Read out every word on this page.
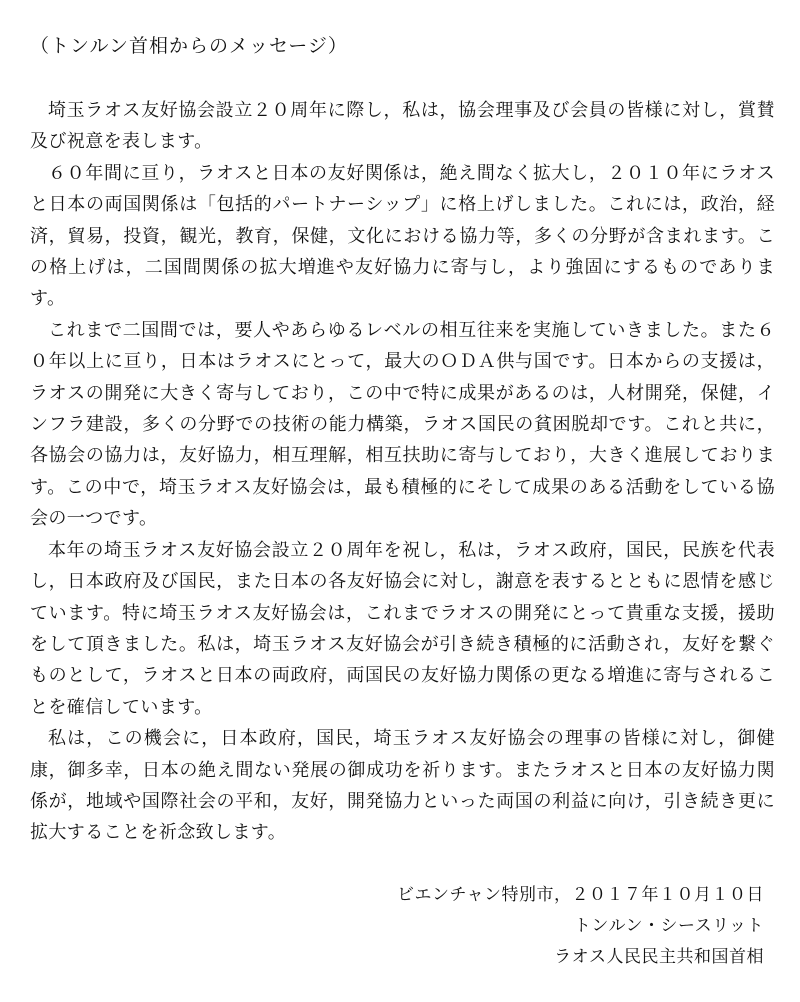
（トンルン首相からのメッセージ）

埼玉ラオス友好協会設立２０周年に際し，私は，協会理事及び会員の皆様に対し，賞賛及び祝意を表します。

６０年間に亘り，ラオスと日本の友好関係は，絶え間なく拡大し，２０１０年にラオスと日本の両国関係は「包括的パートナーシップ」に格上げしました。これには，政治，経済，貿易，投資，観光，教育，保健，文化における協力等，多くの分野が含まれます。この格上げは，二国間関係の拡大増進や友好協力に寄与し，より強固にするものであります。

これまで二国間では，要人やあらゆるレベルの相互往来を実施していきました。また６０年以上に亘り，日本はラオスにとって，最大のＯＤＡ供与国です。日本からの支援は，ラオスの開発に大きく寄与しており，この中で特に成果があるのは，人材開発，保健，インフラ建設，多くの分野での技術の能力構築，ラオス国民の貧困脱却です。これと共に，各協会の協力は，友好協力，相互理解，相互扶助に寄与しており，大きく進展しております。この中で，埼玉ラオス友好協会は，最も積極的にそして成果のある活動をしている協会の一つです。

本年の埼玉ラオス友好協会設立２０周年を祝し，私は，ラオス政府，国民，民族を代表し，日本政府及び国民，また日本の各友好協会に対し，謝意を表するとともに恩情を感じています。特に埼玉ラオス友好協会は，これまでラオスの開発にとって貴重な支援，援助をして頂きました。私は，埼玉ラオス友好協会が引き続き積極的に活動され，友好を繋ぐものとして，ラオスと日本の両政府，両国民の友好協力関係の更なる増進に寄与されることを確信しています。

私は，この機会に，日本政府，国民，埼玉ラオス友好協会の理事の皆様に対し，御健康，御多幸，日本の絶え間ない発展の御成功を祈ります。またラオスと日本の友好協力関係が，地域や国際社会の平和，友好，開発協力といった両国の利益に向け，引き続き更に拡大することを祈念致します。

ビエンチャン特別市，２０１７年１０月１０日
トンルン・シースリット
ラオス人民民主共和国首相
